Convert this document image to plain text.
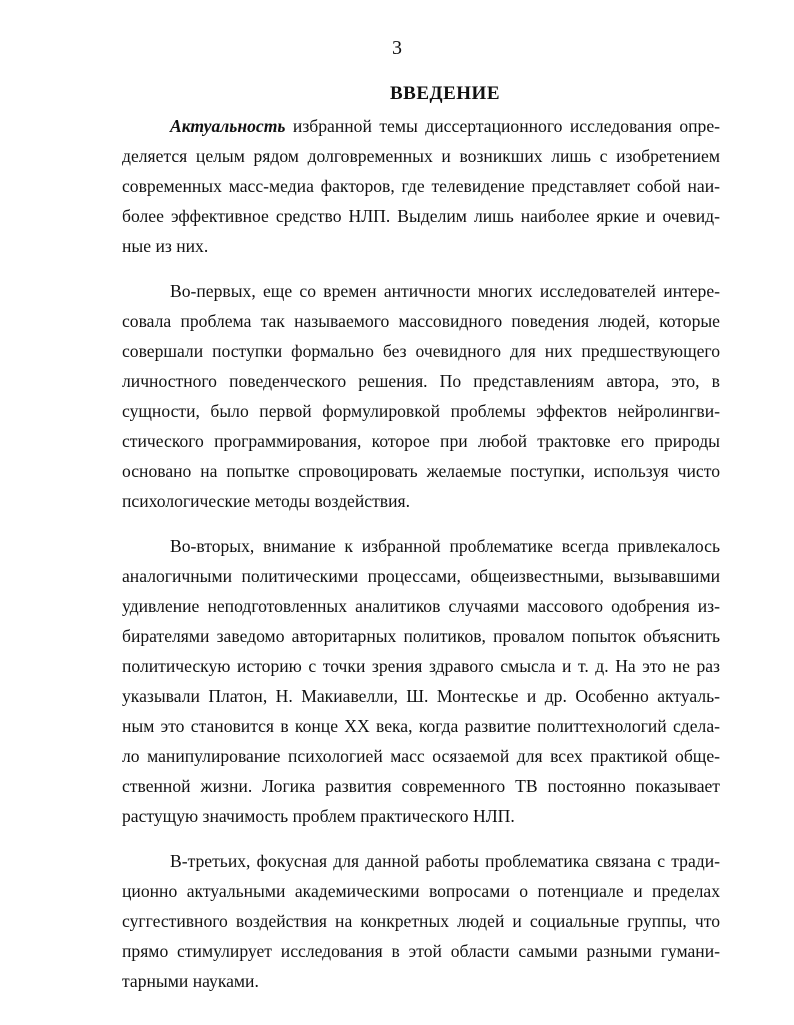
3
ВВЕДЕНИЕ

Актуальность избранной темы диссертационного исследования опре-
деляется целым рядом долговременных и возникших лишь с изобретением
современных масс-медиа факторов, где телевидение представляет собой наи-
более эффективное средство НЛП. Выделим лишь наиболее яркие и очевид-
ные из них.

Во-первых, еще со времен античности многих исследователей интере-
совала проблема так называемого массовидного поведения людей, которые
совершали поступки формально без очевидного для них предшествующего
личностного поведенческого решения. По представлениям автора, это, в
сущности, было первой формулировкой проблемы эффектов нейролингви-
стического программирования, которое при любой трактовке его природы
основано на попытке спровоцировать желаемые поступки, используя чисто
психологические методы воздействия.

Во-вторых, внимание к избранной проблематике всегда привлекалось
аналогичными политическими процессами, общеизвестными, вызывавшими
удивление неподготовленных аналитиков случаями массового одобрения из-
бирателями заведомо авторитарных политиков, провалом попыток объяснить
политическую историю с точки зрения здравого смысла и т. д. На это не раз
указывали Платон, Н. Макиавелли, Ш. Монтескье и др. Особенно актуаль-
ным это становится в конце XX века, когда развитие политтехнологий сдела-
ло манипулирование психологией масс осязаемой для всех практикой обще-
ственной жизни. Логика развития современного ТВ постоянно показывает
растущую значимость проблем практического НЛП.

В-третьих, фокусная для данной работы проблематика связана с тради-
ционно актуальными академическими вопросами о потенциале и пределах
суггестивного воздействия на конкретных людей и социальные группы, что
прямо стимулирует исследования в этой области самыми разными гумани-
тарными науками.
